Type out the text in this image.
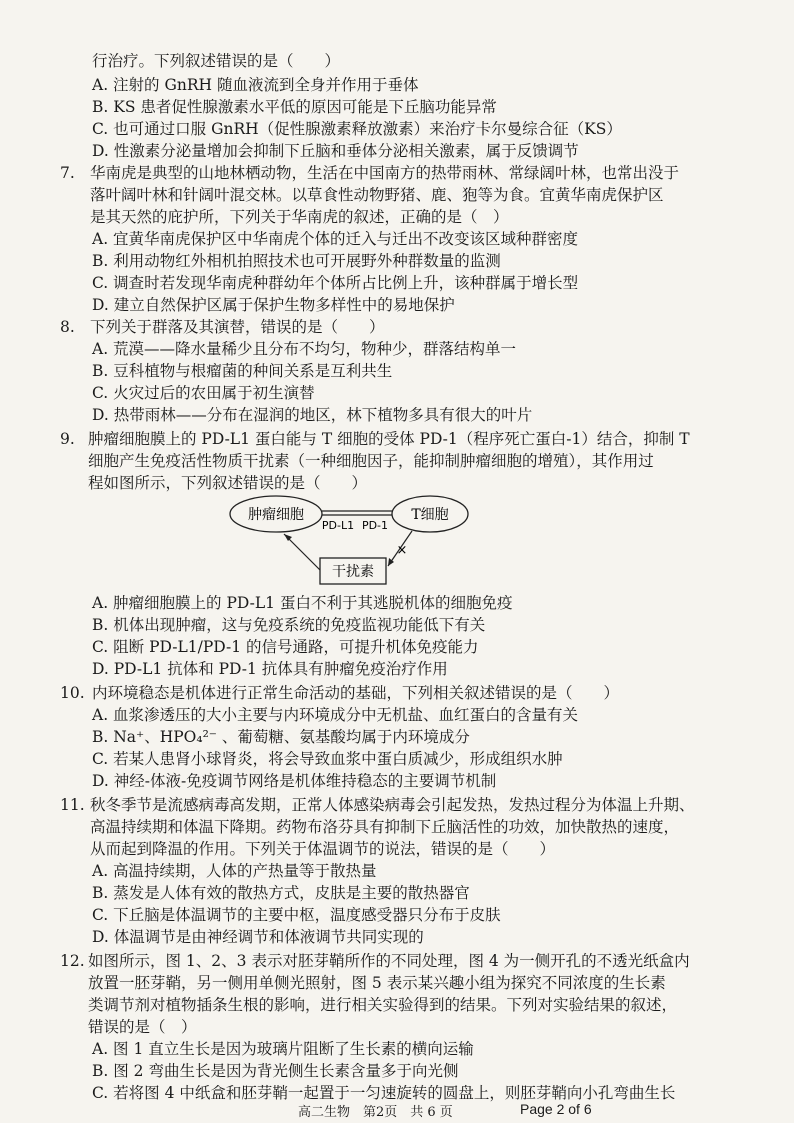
行治疗。下列叙述错误的是（　　）
A. 注射的 GnRH 随血液流到全身并作用于垂体
B. KS 患者促性腺激素水平低的原因可能是下丘脑功能异常
C. 也可通过口服 GnRH（促性腺激素释放激素）来治疗卡尔曼综合征（KS）
D. 性激素分泌量增加会抑制下丘脑和垂体分泌相关激素，属于反馈调节
7. 华南虎是典型的山地林栖动物，生活在中国南方的热带雨林、常绿阔叶林，也常出没于
落叶阔叶林和针阔叶混交林。以草食性动物野猪、鹿、狍等为食。宜黄华南虎保护区
是其天然的庇护所，下列关于华南虎的叙述，正确的是（　）
A. 宜黄华南虎保护区中华南虎个体的迁入与迁出不改变该区域种群密度
B. 利用动物红外相机拍照技术也可开展野外种群数量的监测
C. 调查时若发现华南虎种群幼年个体所占比例上升，该种群属于增长型
D. 建立自然保护区属于保护生物多样性中的易地保护
8. 下列关于群落及其演替，错误的是（　　）
A. 荒漠——降水量稀少且分布不均匀，物种少，群落结构单一
B. 豆科植物与根瘤菌的种间关系是互利共生
C. 火灾过后的农田属于初生演替
D. 热带雨林——分布在湿润的地区，林下植物多具有很大的叶片
9. 肿瘤细胞膜上的 PD-L1 蛋白能与 T 细胞的受体 PD-1（程序死亡蛋白-1）结合，抑制 T
细胞产生免疫活性物质干扰素（一种细胞因子，能抑制肿瘤细胞的增殖），其作用过
程如图所示，下列叙述错误的是（　　）
肿瘤细胞	T细胞
PD-L1 PD-1
干扰素
×
A. 肿瘤细胞膜上的 PD-L1 蛋白不利于其逃脱机体的细胞免疫
B. 机体出现肿瘤，这与免疫系统的免疫监视功能低下有关
C. 阻断 PD-L1/PD-1 的信号通路，可提升机体免疫能力
D. PD-L1 抗体和 PD-1 抗体具有肿瘤免疫治疗作用
10. 内环境稳态是机体进行正常生命活动的基础，下列相关叙述错误的是（　　）
A. 血浆渗透压的大小主要与内环境成分中无机盐、血红蛋白的含量有关
B. Na⁺、HPO₄²⁻ 、葡萄糖、氨基酸均属于内环境成分
C. 若某人患肾小球肾炎，将会导致血浆中蛋白质减少，形成组织水肿
D. 神经-体液-免疫调节网络是机体维持稳态的主要调节机制
11. 秋冬季节是流感病毒高发期，正常人体感染病毒会引起发热，发热过程分为体温上升期、
高温持续期和体温下降期。药物布洛芬具有抑制下丘脑活性的功效，加快散热的速度，
从而起到降温的作用。下列关于体温调节的说法，错误的是（　　）
A. 高温持续期，人体的产热量等于散热量
B. 蒸发是人体有效的散热方式，皮肤是主要的散热器官
C. 下丘脑是体温调节的主要中枢，温度感受器只分布于皮肤
D. 体温调节是由神经调节和体液调节共同实现的
12. 如图所示，图 1、2、3 表示对胚芽鞘所作的不同处理，图 4 为一侧开孔的不透光纸盒内
放置一胚芽鞘，另一侧用单侧光照射，图 5 表示某兴趣小组为探究不同浓度的生长素
类调节剂对植物插条生根的影响，进行相关实验得到的结果。下列对实验结果的叙述，
错误的是（　）
A. 图 1 直立生长是因为玻璃片阻断了生长素的横向运输
B. 图 2 弯曲生长是因为背光侧生长素含量多于向光侧
C. 若将图 4 中纸盒和胚芽鞘一起置于一匀速旋转的圆盘上，则胚芽鞘向小孔弯曲生长
高二生物　第2页　共 6 页	Page 2 of 6
